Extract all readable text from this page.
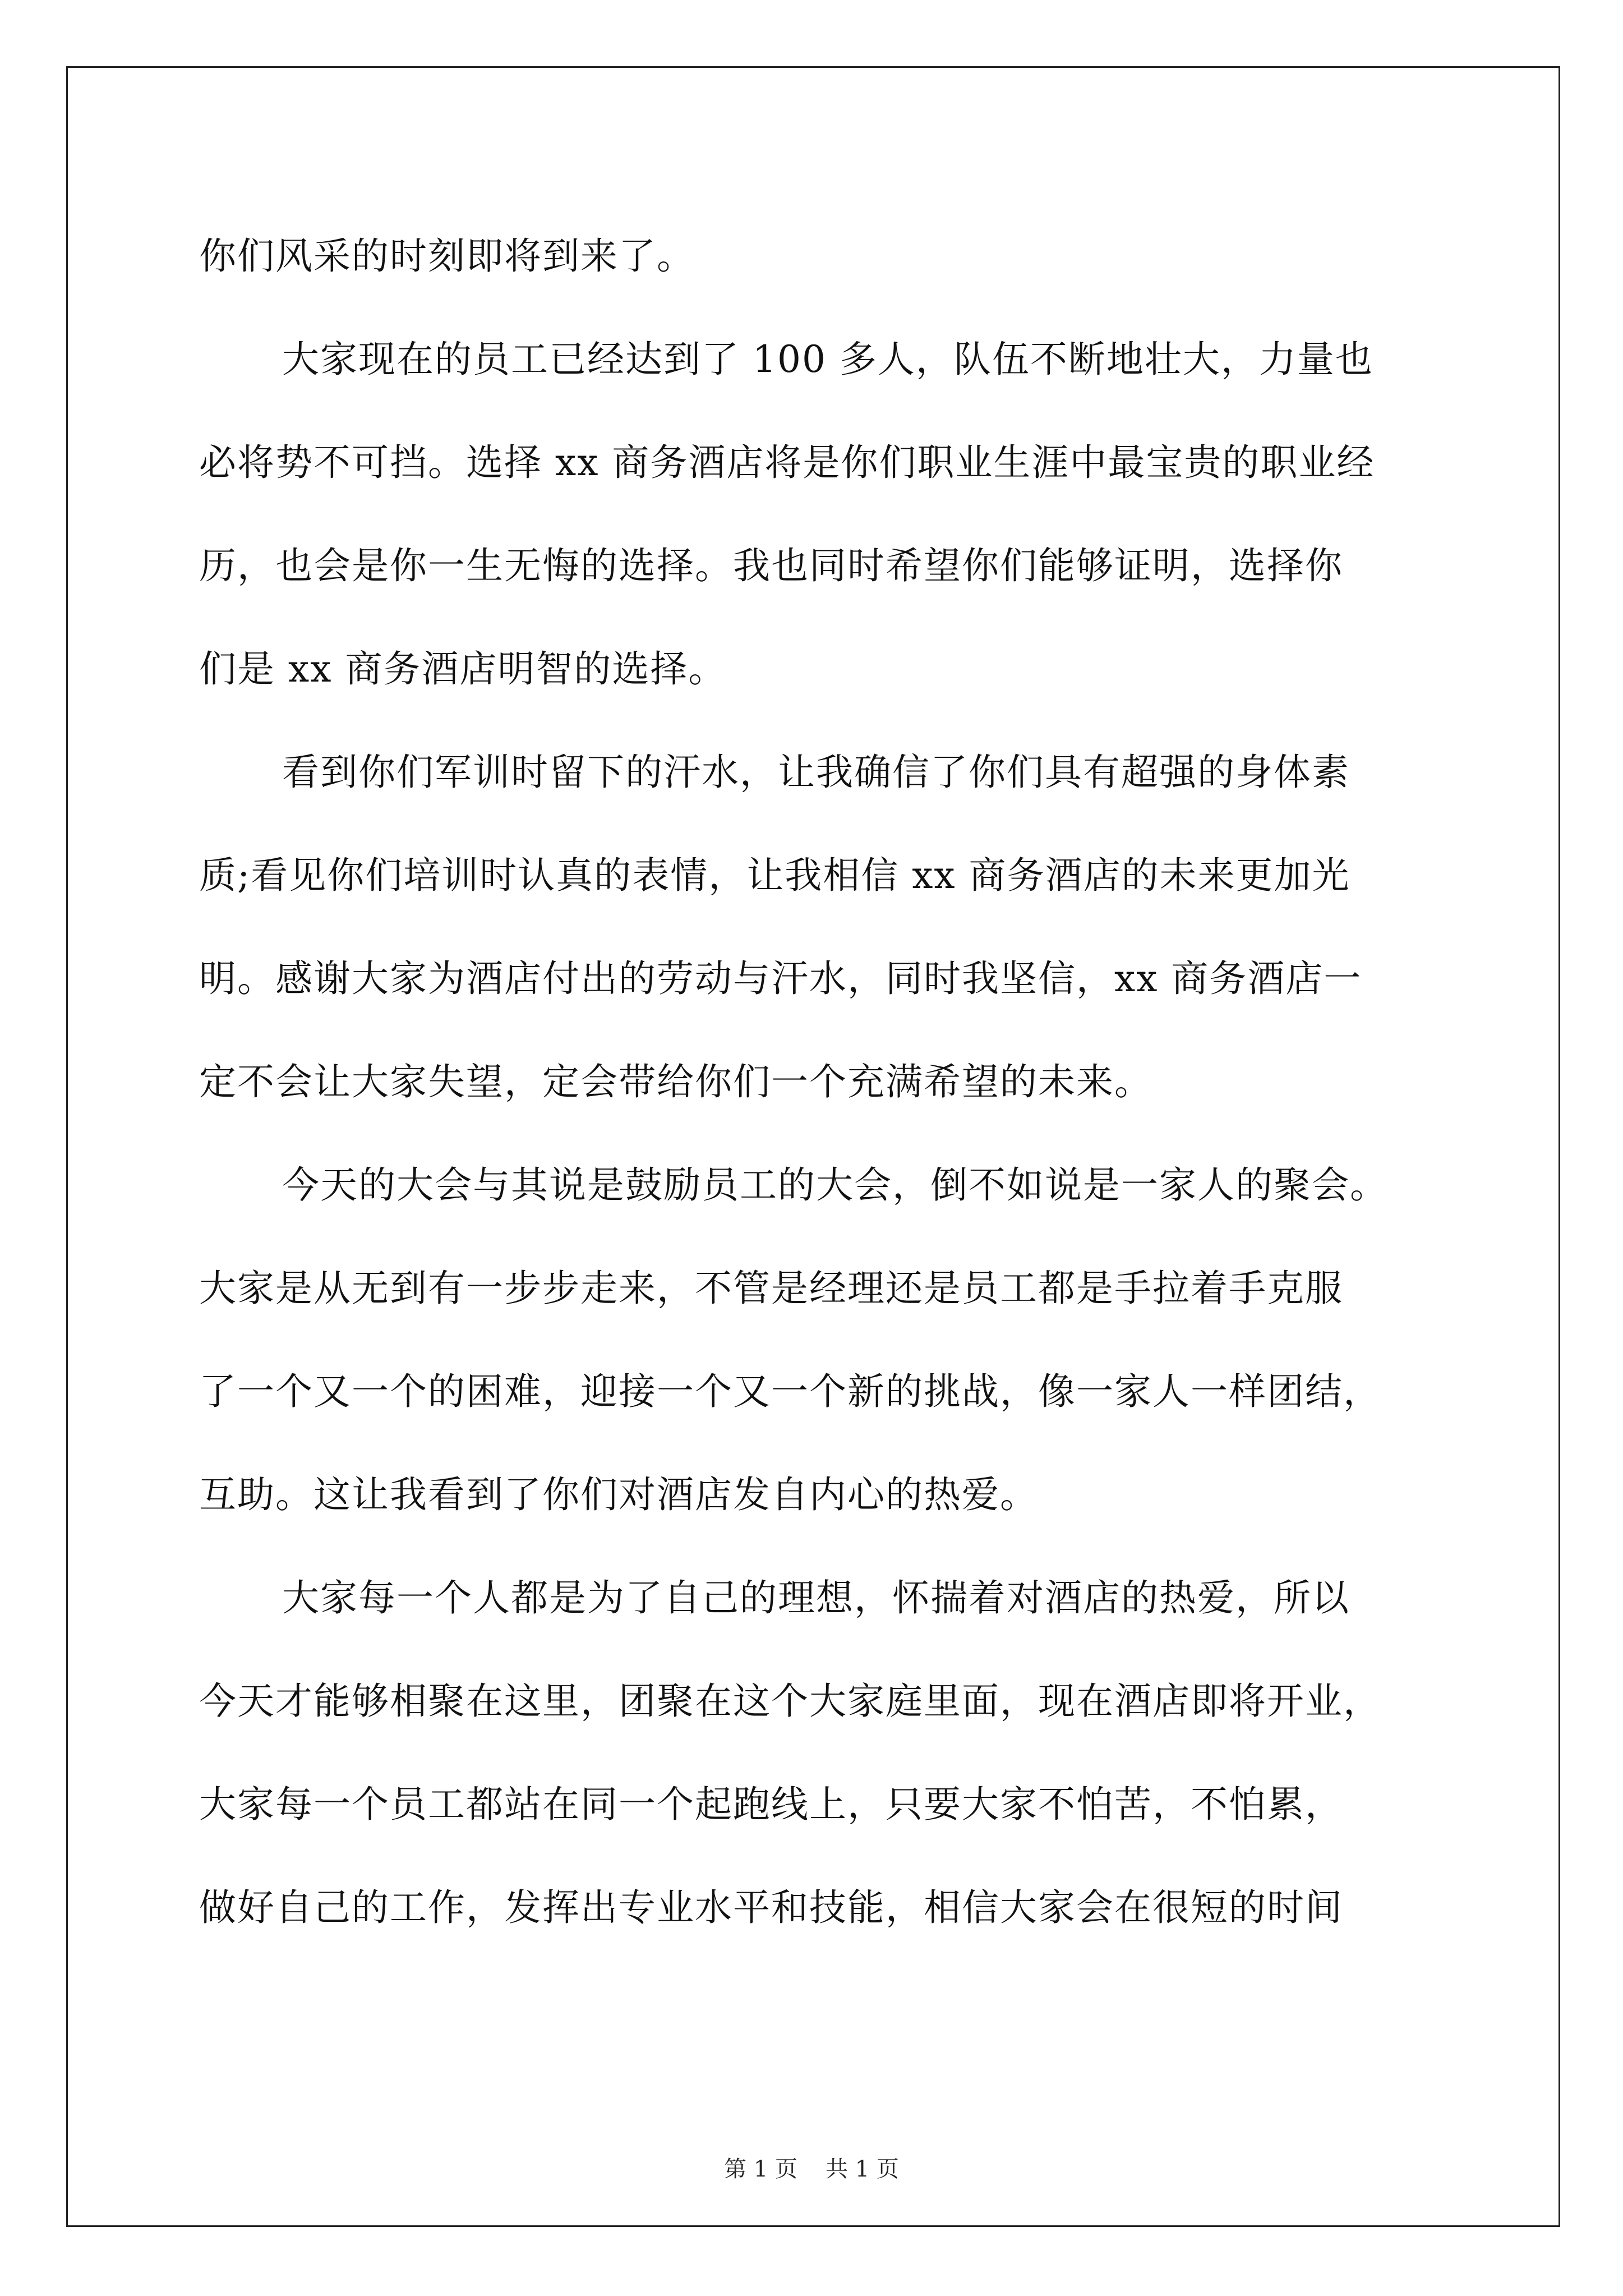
你们风采的时刻即将到来了。
大家现在的员工已经达到了 100 多人，队伍不断地壮大，力量也
必将势不可挡。选择 xx 商务酒店将是你们职业生涯中最宝贵的职业经
历，也会是你一生无悔的选择。我也同时希望你们能够证明，选择你
们是 xx 商务酒店明智的选择。
看到你们军训时留下的汗水，让我确信了你们具有超强的身体素
质;看见你们培训时认真的表情，让我相信 xx 商务酒店的未来更加光
明。感谢大家为酒店付出的劳动与汗水，同时我坚信，xx 商务酒店一
定不会让大家失望，定会带给你们一个充满希望的未来。
今天的大会与其说是鼓励员工的大会，倒不如说是一家人的聚会。
大家是从无到有一步步走来，不管是经理还是员工都是手拉着手克服
了一个又一个的困难，迎接一个又一个新的挑战，像一家人一样团结，
互助。这让我看到了你们对酒店发自内心的热爱。
大家每一个人都是为了自己的理想，怀揣着对酒店的热爱，所以
今天才能够相聚在这里，团聚在这个大家庭里面，现在酒店即将开业，
大家每一个员工都站在同一个起跑线上，只要大家不怕苦，不怕累，
做好自己的工作，发挥出专业水平和技能，相信大家会在很短的时间
第 1 页 共 1 页
